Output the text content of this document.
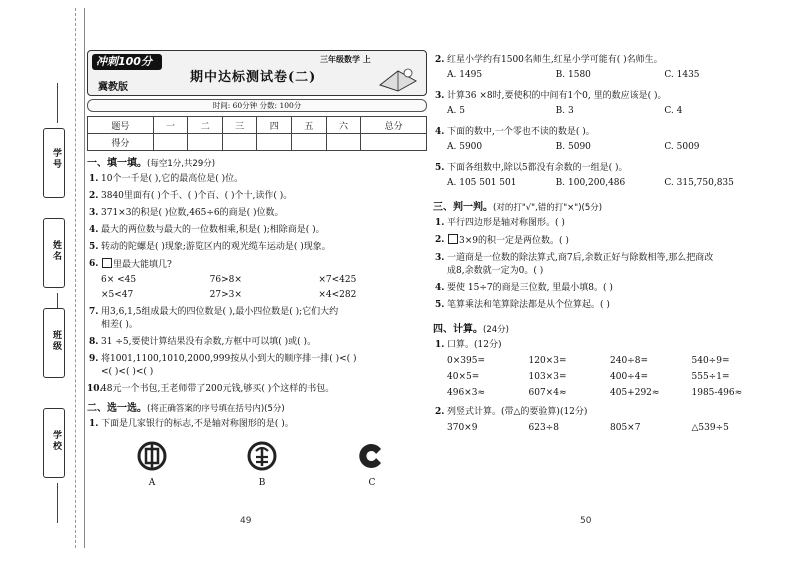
学号
姓名
班级
学校
冲刺100分
冀教版
期中达标测试卷(二)
三年级数学 上
时间: 60分钟 分数: 100分
题号	一	二	三	四	五	六	总分
得分							
一、填一填。(每空1分,共29分)
1. 10个一千是( ),它的最高位是( )位。
2. 3840里面有( )个千、( )个百、( )个十,读作( )。
3. 371×3的积是( )位数,465÷6的商是( )位数。
4. 最大的两位数与最大的一位数相乘,积是( );相除商是( )。
5. 转动的陀螺是( )现象;游览区内的观光缆车运动是( )现象。
6. 里最大能填几?
6× <45	76>8×	×7<425
×5<47	27>3×	×4<282
7. 用3,6,1,5组成最大的四位数是( ),最小四位数是( );它们大约
相差( )。
8. 31 ÷5,要使计算结果没有余数,方框中可以填( )或( )。
9. 将1001,1100,1010,2000,999按从小到大的顺序排一排( )<( )
<( )<( )<( )
10.
48元一个书包,王老师带了200元钱,够买( )个这样的书包。
二、选一选。(将正确答案的序号填在括号内)(5分)
1. 下面是几家银行的标志,不是轴对称图形的是( )。
A	B	C
2. 红星小学约有1500名师生,红星小学可能有( )名师生。
A. 1495	B. 1580	C. 1435
3. 计算36 ×8时,要使积的中间有1个0, 里的数应该是( )。
A. 5	B. 3	C. 4
4. 下面的数中,一个零也不读的数是( )。
A. 5900	B. 5090	C. 5009
5. 下面各组数中,除以5都没有余数的一组是( )。
A. 105 501 501	B. 100,200,486	C. 315,750,835
三、判一判。(对的打"√",错的打"×")(5分)
1. 平行四边形是轴对称图形。( )
2.	3×9的积一定是两位数。( )
3. 一道商是一位数的除法算式,商7后,余数正好与除数相等,那么把商改
成8,余数就一定为0。( )
4. 要使 15÷7的商是三位数, 里最小填8。( )
5. 笔算乘法和笔算除法都是从个位算起。( )
四、计算。(24分)
1. 口算。(12分)
0×395=	120×3=	240÷8=	540÷9=
40×5=	103×3=	400÷4=	555÷1=
496×3≈	607×4≈	405+292≈	1985-496≈
2. 列竖式计算。(带△的要验算)(12分)
370×9	623÷8	805×7	△539÷5
49	50
